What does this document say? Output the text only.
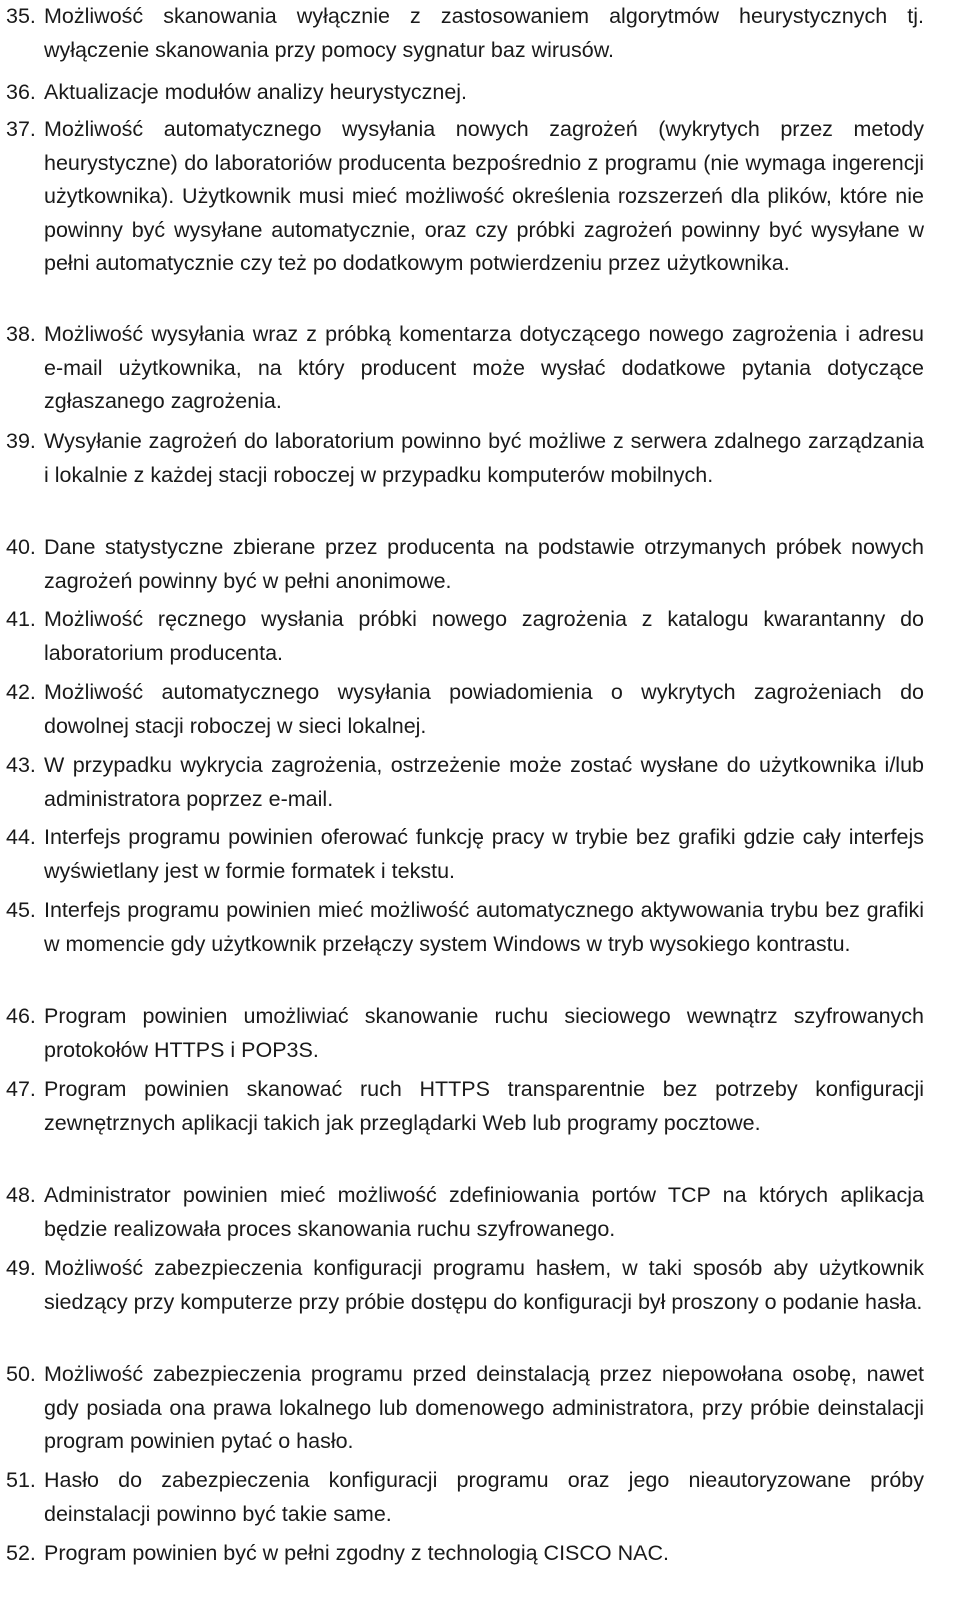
35. Możliwość skanowania wyłącznie z zastosowaniem algorytmów heurystycznych tj. wyłączenie skanowania przy pomocy sygnatur baz wirusów.

36. Aktualizacje modułów analizy heurystycznej.

37. Możliwość automatycznego wysyłania nowych zagrożeń (wykrytych przez metody heurystyczne) do laboratoriów producenta bezpośrednio z programu (nie wymaga ingerencji użytkownika). Użytkownik musi mieć możliwość określenia rozszerzeń dla plików, które nie powinny być wysyłane automatycznie, oraz czy próbki zagrożeń powinny być wysyłane w pełni automatycznie czy też po dodatkowym potwierdzeniu przez użytkownika.

38. Możliwość wysyłania wraz z próbką komentarza dotyczącego nowego zagrożenia i adresu e-mail użytkownika, na który producent może wysłać dodatkowe pytania dotyczące zgłaszanego zagrożenia.

39. Wysyłanie zagrożeń do laboratorium powinno być możliwe z serwera zdalnego zarządzania i lokalnie z każdej stacji roboczej w przypadku komputerów mobilnych.

40. Dane statystyczne zbierane przez producenta na podstawie otrzymanych próbek nowych zagrożeń powinny być w pełni anonimowe.

41. Możliwość ręcznego wysłania próbki nowego zagrożenia z katalogu kwarantanny do laboratorium producenta.

42. Możliwość automatycznego wysyłania powiadomienia o wykrytych zagrożeniach do dowolnej stacji roboczej w sieci lokalnej.

43. W przypadku wykrycia zagrożenia, ostrzeżenie może zostać wysłane do użytkownika i/lub administratora poprzez e-mail.

44. Interfejs programu powinien oferować funkcję pracy w trybie bez grafiki gdzie cały interfejs wyświetlany jest w formie formatek i tekstu.

45. Interfejs programu powinien mieć możliwość automatycznego aktywowania trybu bez grafiki w momencie gdy użytkownik przełączy system Windows w tryb wysokiego kontrastu.

46. Program powinien umożliwiać skanowanie ruchu sieciowego wewnątrz szyfrowanych protokołów HTTPS i POP3S.

47. Program powinien skanować ruch HTTPS transparentnie bez potrzeby konfiguracji zewnętrznych aplikacji takich jak przeglądarki Web lub programy pocztowe.

48. Administrator powinien mieć możliwość zdefiniowania portów TCP na których aplikacja będzie realizowała proces skanowania ruchu szyfrowanego.

49. Możliwość zabezpieczenia konfiguracji programu hasłem, w taki sposób aby użytkownik siedzący przy komputerze przy próbie dostępu do konfiguracji był proszony o podanie hasła.

50. Możliwość zabezpieczenia programu przed deinstalacją przez niepowołana osobę, nawet gdy posiada ona prawa lokalnego lub domenowego administratora, przy próbie deinstalacji program powinien pytać o hasło.

51. Hasło do zabezpieczenia konfiguracji programu oraz jego nieautoryzowane próby deinstalacji powinno być takie same.

52. Program powinien być w pełni zgodny z technologią CISCO NAC.
